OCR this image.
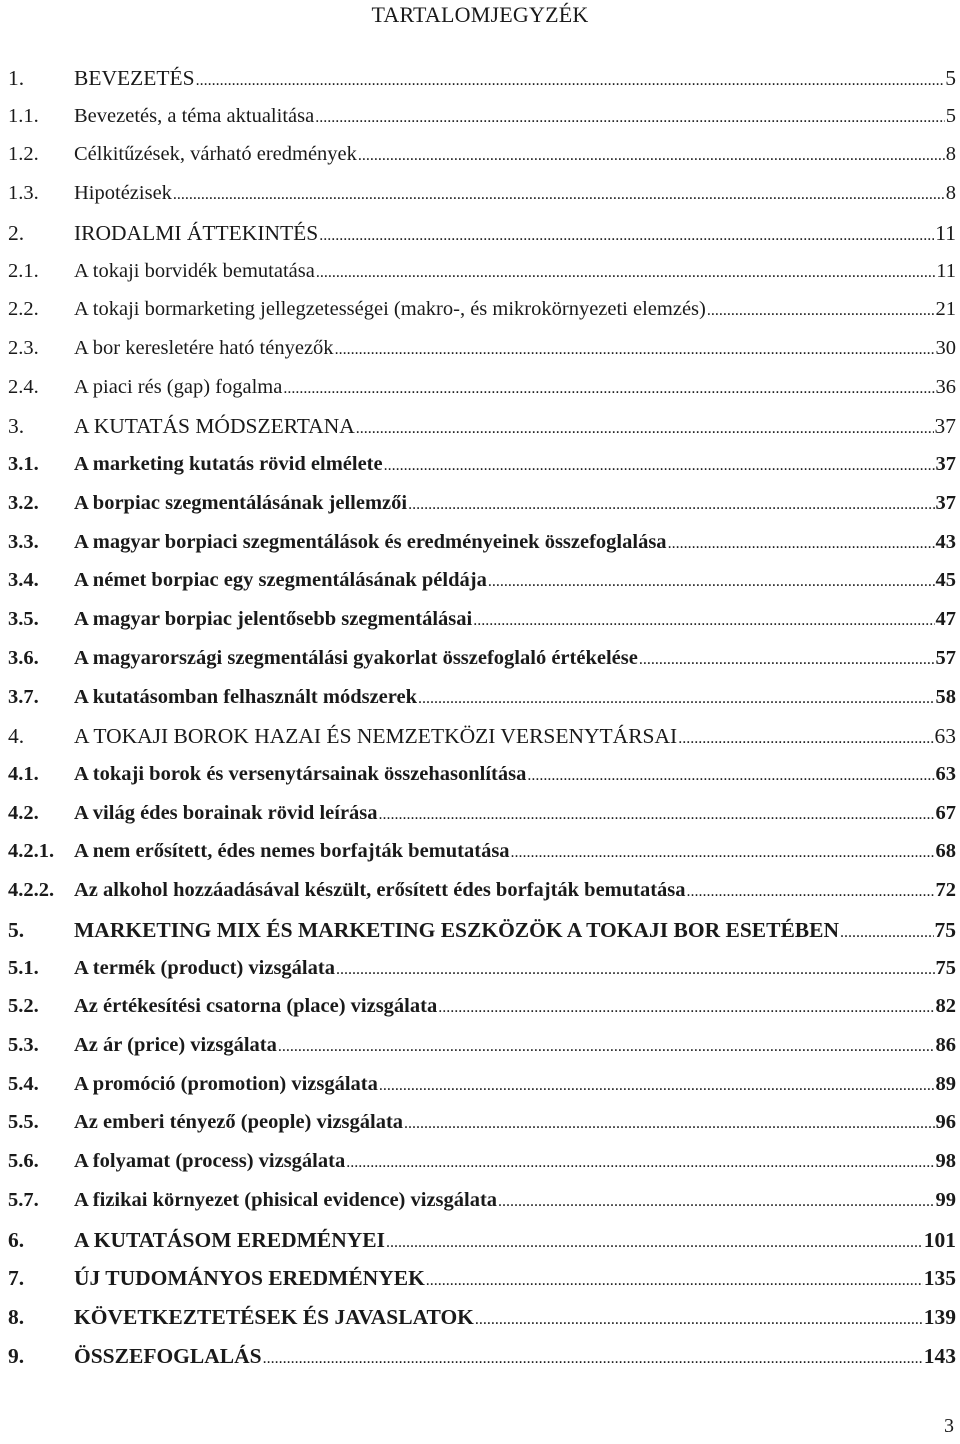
TARTALOMJEGYZÉK
1.	BEVEZETÉS .....	5
1.1.	Bevezetés, a téma aktualitása .....	5
1.2.	Célkitűzések, várható eredmények .....	8
1.3.	Hipotézisek .....	8
2.	IRODALMI ÁTTEKINTÉS .....	11
2.1.	A tokaji borvidék bemutatása .....	11
2.2.	A tokaji bormarketing jellegzetességei (makro-, és mikrokörnyezeti elemzés) .....	21
2.3.	A bor keresletére ható tényezők .....	30
2.4.	A piaci rés (gap) fogalma .....	36
3.	A KUTATÁS MÓDSZERTANA .....	37
3.1.	A marketing kutatás rövid elmélete .....	37
3.2.	A borpiac szegmentálásának jellemzői .....	37
3.3.	A magyar borpiaci szegmentálások és eredményeinek összefoglalása .....	43
3.4.	A német borpiac egy szegmentálásának példája .....	45
3.5.	A magyar borpiac jelentősebb szegmentálásai .....	47
3.6.	A magyarországi szegmentálási gyakorlat összefoglaló értékelése .....	57
3.7.	A kutatásomban felhasznált módszerek .....	58
4.	A TOKAJI BOROK HAZAI ÉS NEMZETKÖZI VERSENYTÁRSAI .....	63
4.1.	A tokaji borok és versenytársainak összehasonlítása .....	63
4.2.	A világ édes borainak rövid leírása .....	67
4.2.1. A nem erősített, édes nemes borfajták bemutatása .....	68
4.2.2. Az alkohol hozzáadásával készült, erősített édes borfajták bemutatása .....	72
5.	MARKETING MIX ÉS MARKETING ESZKÖZÖK A TOKAJI BOR ESETÉBEN .....	75
5.1.	A termék (product) vizsgálata .....	75
5.2.	Az értékesítési csatorna (place) vizsgálata .....	82
5.3.	Az ár (price) vizsgálata .....	86
5.4.	A promóció (promotion) vizsgálata .....	89
5.5.	Az emberi tényező (people) vizsgálata .....	96
5.6.	A folyamat (process) vizsgálata .....	98
5.7.	A fizikai környezet (phisical evidence) vizsgálata .....	99
6.	A KUTATÁSOM EREDMÉNYEI .....	101
7.	ÚJ TUDOMÁNYOS EREDMÉNYEK .....	135
8.	KÖVETKEZTETÉSEK ÉS JAVASLATOK .....	139
9.	ÖSSZEFOGLALÁS .....	143
3
